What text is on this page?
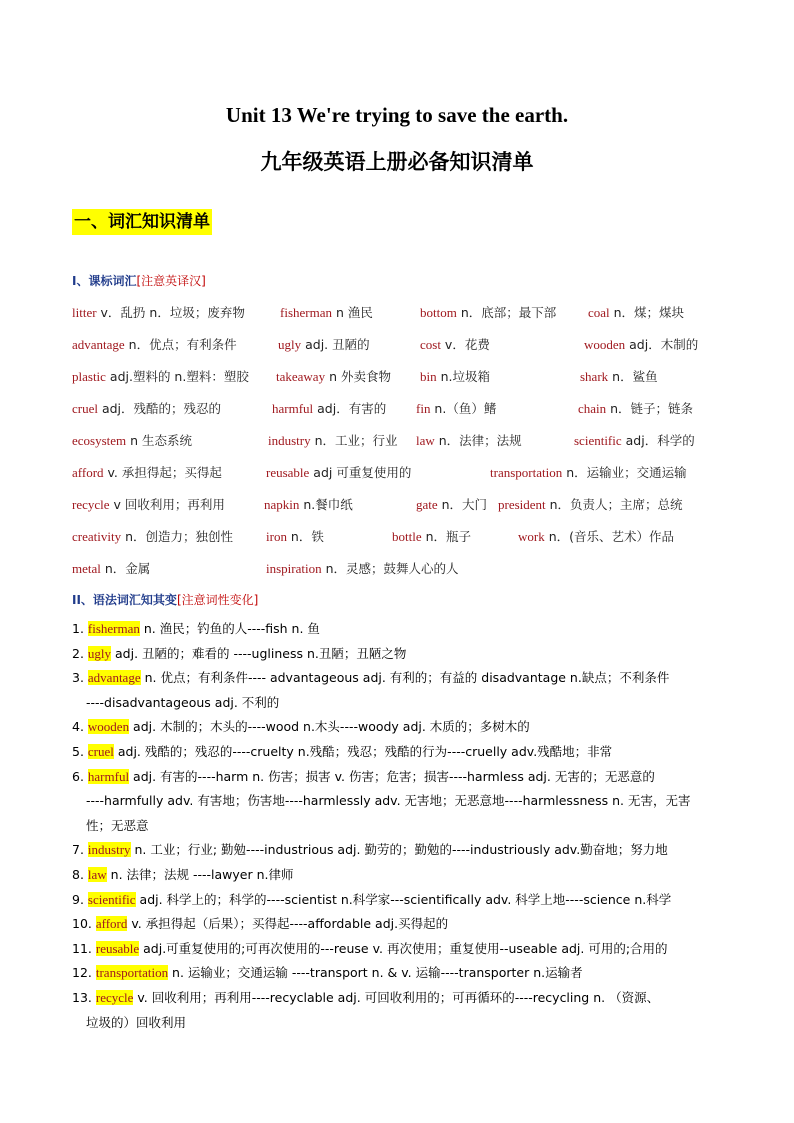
Unit 13 We're trying to save the earth.
九年级英语上册必备知识清单
一、词汇知识清单
I、课标词汇[注意英译汉]
litter v．乱扔 n．垃圾；废弃物	fisherman n 渔民	bottom n．底部；最下部 coal n．煤；煤块
advantage n．优点；有利条件	ugly adj. 丑陋的	cost v．花费	wooden adj．木制的
plastic adj.塑料的 n.塑料：塑胶 takeaway n 外卖食物 bin n.垃圾箱	shark n．鲨鱼
cruel adj．残酷的；残忍的	harmful adj．有害的 fin n.（鱼）鳍	chain n．链子；链条
ecosystem n 生态系统	industry n．工业；行业 law n．法律；法规	scientific adj．科学的
afford v. 承担得起；买得起	reusable adj 可重复使用的	transportation n．运输业；交通运输
recycle v 回收利用；再利用	napkin n.餐巾纸	gate n．大门 president n．负责人；主席；总统
creativity n．创造力；独创性	iron n．铁	bottle n．瓶子	work n．(音乐、艺术）作品
metal n．金属	inspiration n．灵感；鼓舞人心的人
II、语法词汇知其变[注意词性变化]
1. fisherman n. 渔民；钓鱼的人----fish n. 鱼
2. ugly adj. 丑陋的；难看的 ----ugliness n.丑陋；丑陋之物
3. advantage n. 优点；有利条件---- advantageous adj. 有利的；有益的 disadvantage n.缺点；不利条件
----disadvantageous adj. 不利的
4. wooden adj. 木制的；木头的----wood n.木头----woody adj. 木质的；多树木的
5. cruel adj. 残酷的；残忍的----cruelty n.残酷；残忍；残酷的行为----cruelly adv.残酷地；非常
6. harmful adj. 有害的----harm n. 伤害；损害 v. 伤害；危害；损害----harmless adj. 无害的；无恶意的
----harmfully adv. 有害地；伤害地----harmlessly adv. 无害地；无恶意地----harmlessness n. 无害，无害
性；无恶意
7. industry n. 工业；行业; 勤勉----industrious adj. 勤劳的；勤勉的----industriously adv.勤奋地；努力地
8. law n. 法律；法规 ----lawyer n.律师
9. scientific adj. 科学上的；科学的----scientist n.科学家---scientifically adv. 科学上地----science n.科学
10. afford v. 承担得起（后果）；买得起----affordable adj.买得起的
11. reusable adj.可重复使用的;可再次使用的---reuse v. 再次使用；重复使用--useable adj. 可用的;合用的
12. transportation n. 运输业；交通运输 ----transport n. & v. 运输----transporter n.运输者
13. recycle v. 回收利用；再利用----recyclable adj. 可回收利用的；可再循环的----recycling n. （资源、
垃圾的）回收利用
